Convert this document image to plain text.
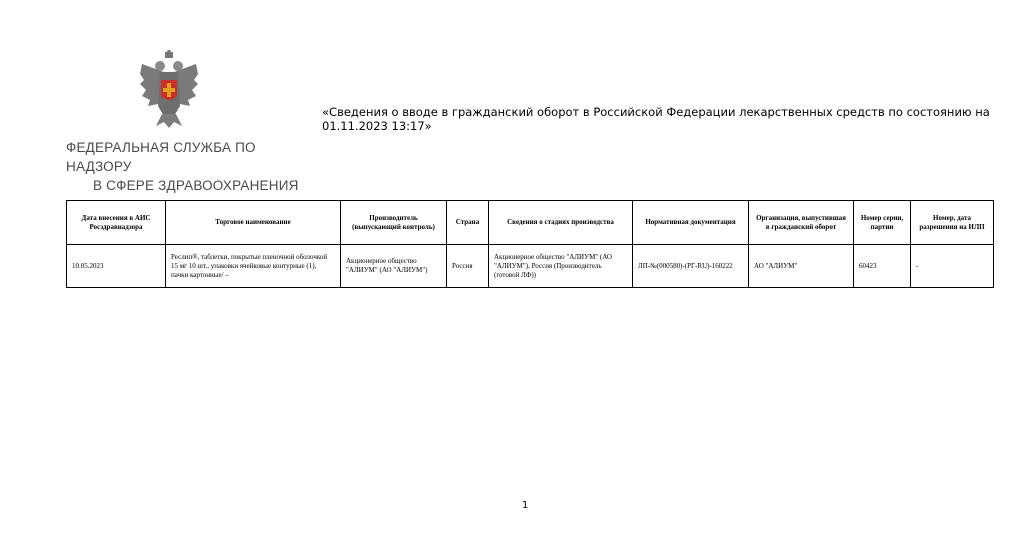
ФЕДЕРАЛЬНАЯ СЛУЖБА ПО НАДЗОРУ
В СФЕРЕ ЗДРАВООХРАНЕНИЯ
«Сведения о вводе в гражданский оборот в Российской Федерации лекарственных средств по состоянию на 01.11.2023 13:17»
Дата внесения в АИС Росздравнадзора	Торговое наименование	Производитель (выпускающий контроль)	Страна	Сведения о стадиях производства	Нормативная документация	Организация, выпустившая в гражданский оборот	Номер серии, партии	Номер, дата разрешения на ИЛП
10.05.2023	Реслип®, таблетки, покрытые пленочной оболочкой 15 мг 10 шт., упаковки ячейковые контурные (1), пачки картонные/ –	Акционерное общество "АЛИУМ" (АО "АЛИУМ")	Россия	Акционерное общество "АЛИУМ" (АО "АЛИУМ"), Россия (Производитель (готовой ЛФ))	ЛП-№(000580)-(РГ-RU)-160222	АО "АЛИУМ"	60423	-
1
